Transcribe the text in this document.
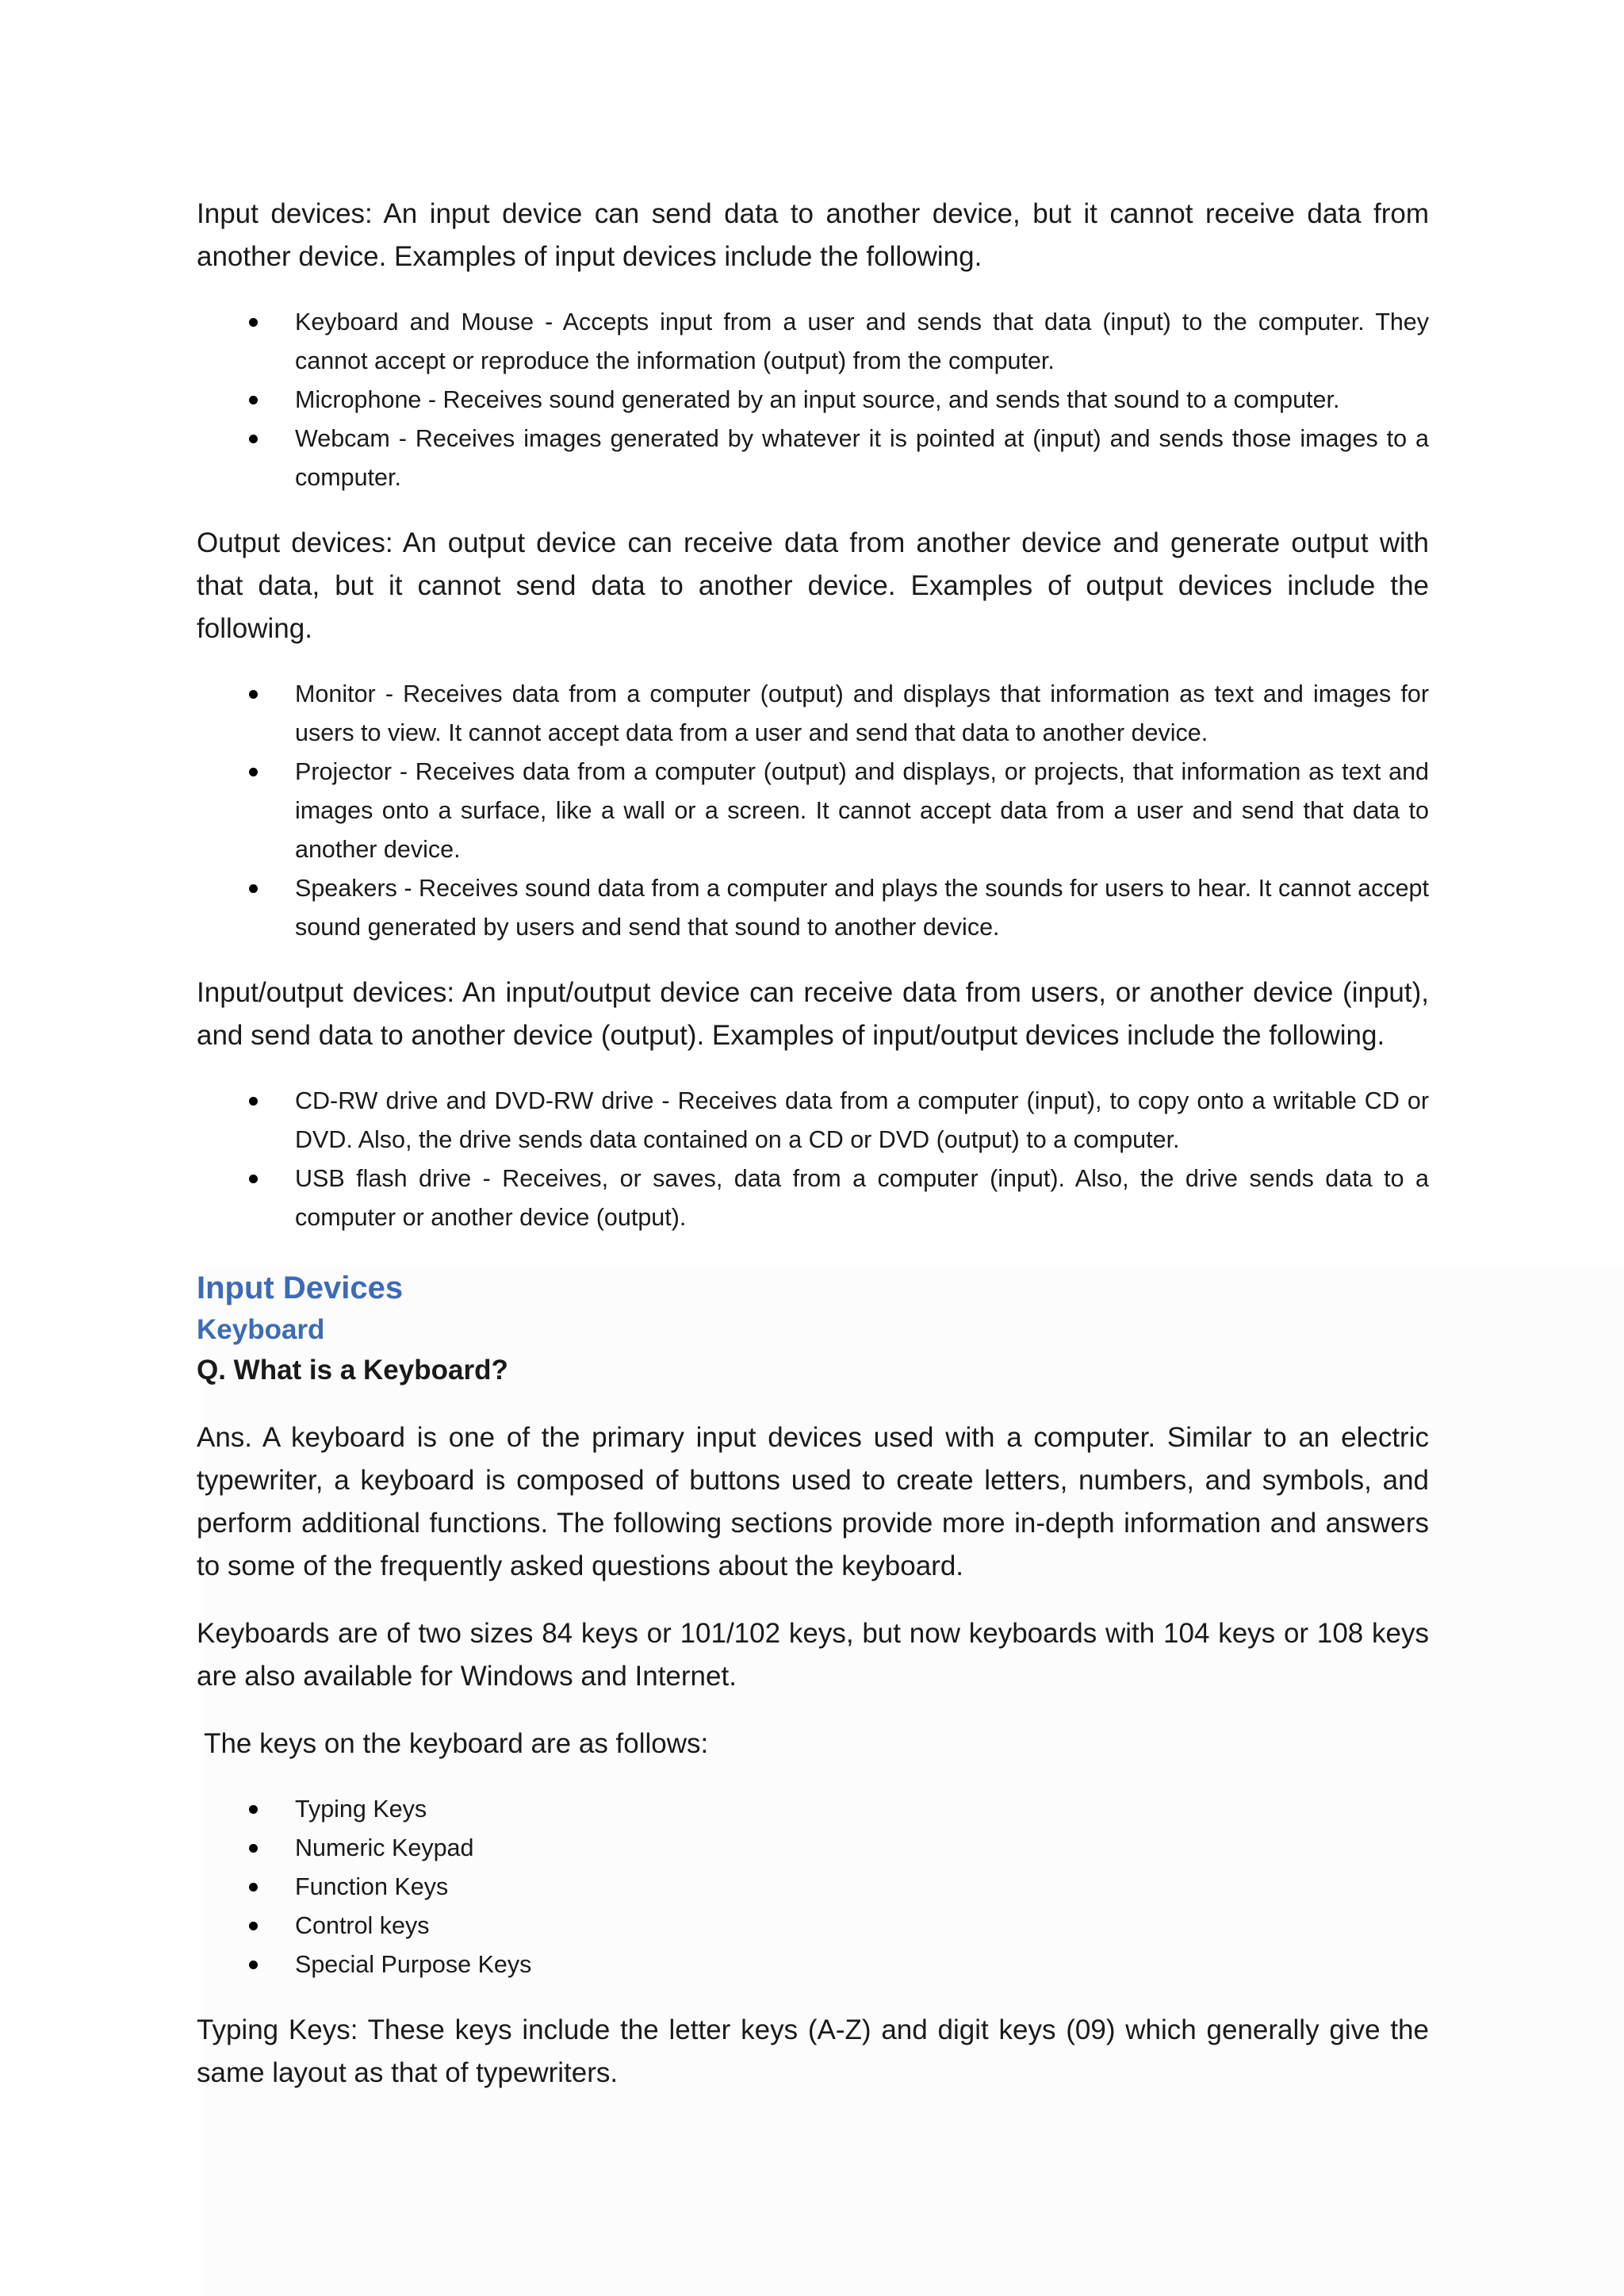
Input devices: An input device can send data to another device, but it cannot receive data from another device. Examples of input devices include the following.

Keyboard and Mouse - Accepts input from a user and sends that data (input) to the computer. They cannot accept or reproduce the information (output) from the computer.
Microphone - Receives sound generated by an input source, and sends that sound to a computer.
Webcam - Receives images generated by whatever it is pointed at (input) and sends those images to a computer.

Output devices: An output device can receive data from another device and generate output with that data, but it cannot send data to another device. Examples of output devices include the following.

Monitor - Receives data from a computer (output) and displays that information as text and images for users to view. It cannot accept data from a user and send that data to another device.
Projector - Receives data from a computer (output) and displays, or projects, that information as text and images onto a surface, like a wall or a screen. It cannot accept data from a user and send that data to another device.
Speakers - Receives sound data from a computer and plays the sounds for users to hear. It cannot accept sound generated by users and send that sound to another device.

Input/output devices: An input/output device can receive data from users, or another device (input), and send data to another device (output). Examples of input/output devices include the following.

CD-RW drive and DVD-RW drive - Receives data from a computer (input), to copy onto a writable CD or DVD. Also, the drive sends data contained on a CD or DVD (output) to a computer.
USB flash drive - Receives, or saves, data from a computer (input). Also, the drive sends data to a computer or another device (output).
Input Devices
Keyboard

Q. What is a Keyboard?

Ans. A keyboard is one of the primary input devices used with a computer. Similar to an electric typewriter, a keyboard is composed of buttons used to create letters, numbers, and symbols, and perform additional functions. The following sections provide more in-depth information and answers to some of the frequently asked questions about the keyboard.

Keyboards are of two sizes 84 keys or 101/102 keys, but now keyboards with 104 keys or 108 keys are also available for Windows and Internet.

The keys on the keyboard are as follows:

Typing Keys
Numeric Keypad
Function Keys
Control keys
Special Purpose Keys

Typing Keys: These keys include the letter keys (A-Z) and digit keys (09) which generally give the same layout as that of typewriters.
